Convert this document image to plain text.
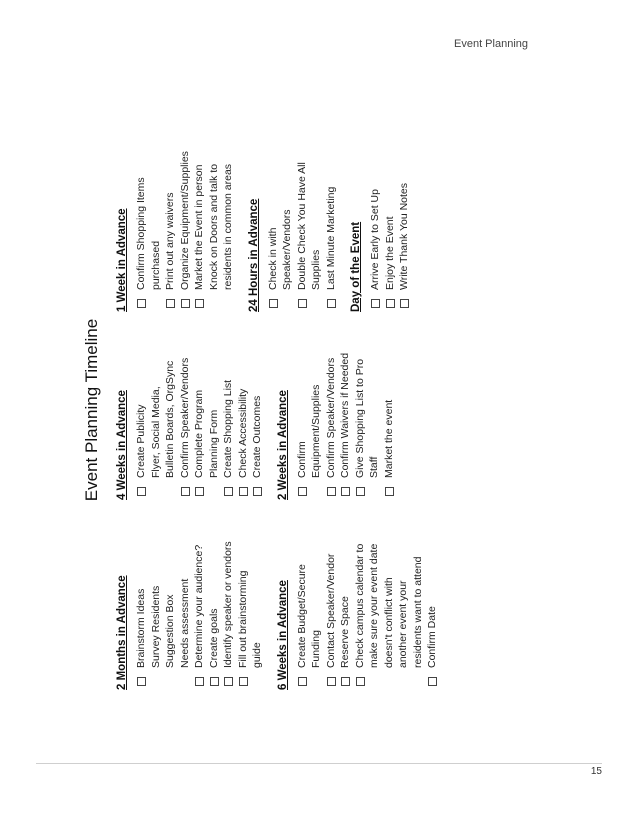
Event Planning
Event Planning Timeline
2 Months in Advance Brainstorm Ideas Survey Residents Suggestion Box Needs assessment Determine your audience? Create goals Identify speaker or vendors Fill out brainstorming guide 6 Weeks in Advance Create Budget/Secure Funding Contact Speaker/Vendor Reserve Space Check campus calendar to make sure your event date doesn't conflict with another event your residents want to attend Confirm Date
4 Weeks in Advance Create Publicity Flyer, Social Media, Bulletin Boards, OrgSync Confirm Speaker/Vendors Complete Program Planning Form Create Shopping List Check Accessibility Create Outcomes 2 Weeks in Advance Confirm Equipment/Supplies Confirm Speaker/Vendors Confirm Waivers if Needed Give Shopping List to Pro Staff Market the event
1 Week in Advance Confirm Shopping Items purchased Print out any waivers Organize Equipment/Supplies Market the Event in person Knock on Doors and talk to residents in common areas 24 Hours in Advance Check in with Speaker/Vendors Double Check You Have All Supplies Last Minute Marketing Day of the Event Arrive Early to Set Up Enjoy the Event Write Thank You Notes
15
